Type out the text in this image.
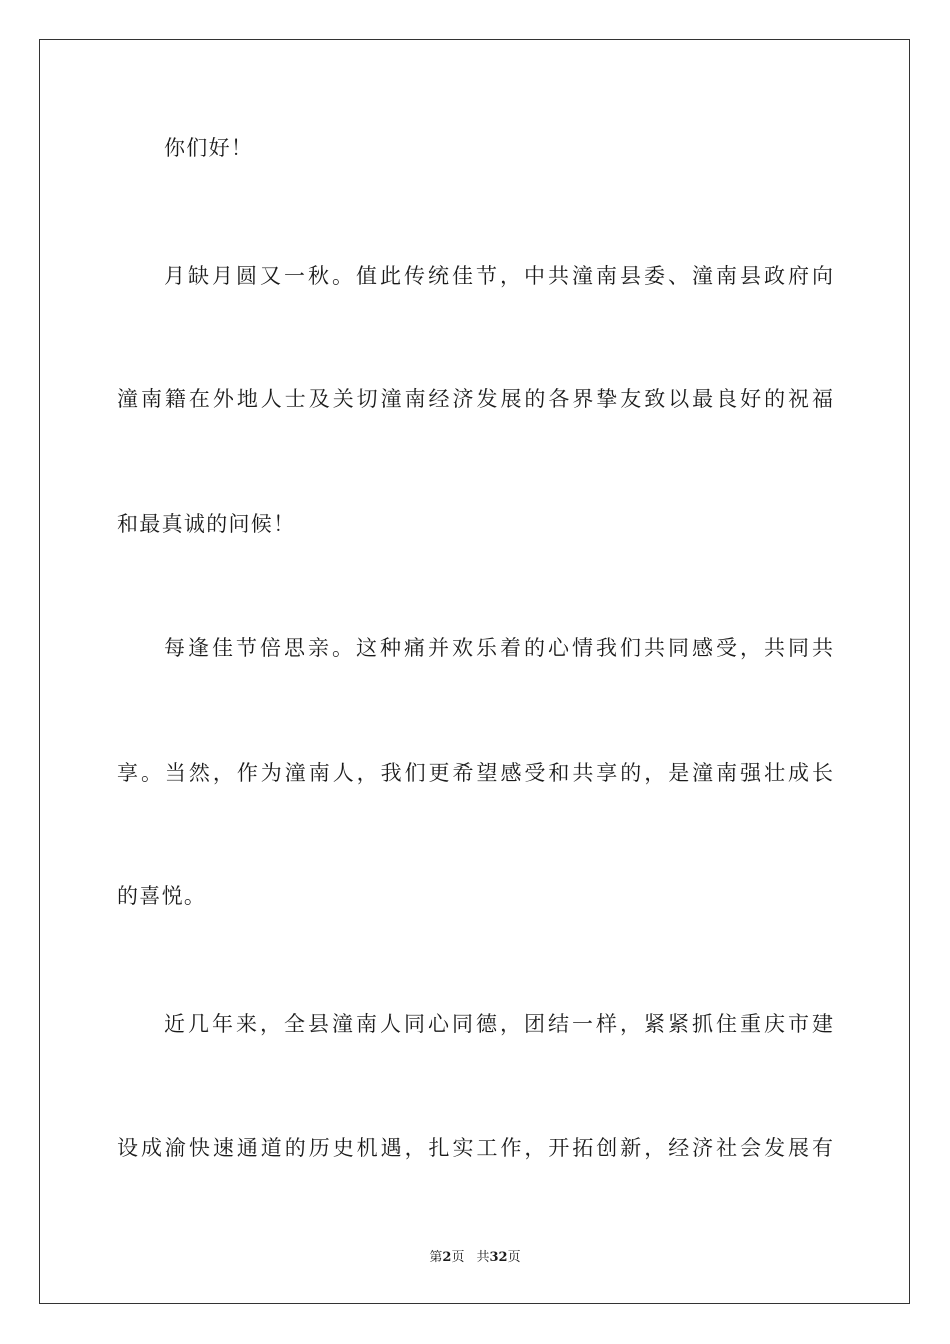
你们好！
月缺月圆又一秋。值此传统佳节，中共潼南县委、潼南县政府向
潼南籍在外地人士及关切潼南经济发展的各界挚友致以最良好的祝福
和最真诚的问候！
每逢佳节倍思亲。这种痛并欢乐着的心情我们共同感受，共同共
享。当然，作为潼南人，我们更希望感受和共享的，是潼南强壮成长
的喜悦。
近几年来，全县潼南人同心同德，团结一样，紧紧抓住重庆市建
设成渝快速通道的历史机遇，扎实工作，开拓创新，经济社会发展有
第2页 共32页
